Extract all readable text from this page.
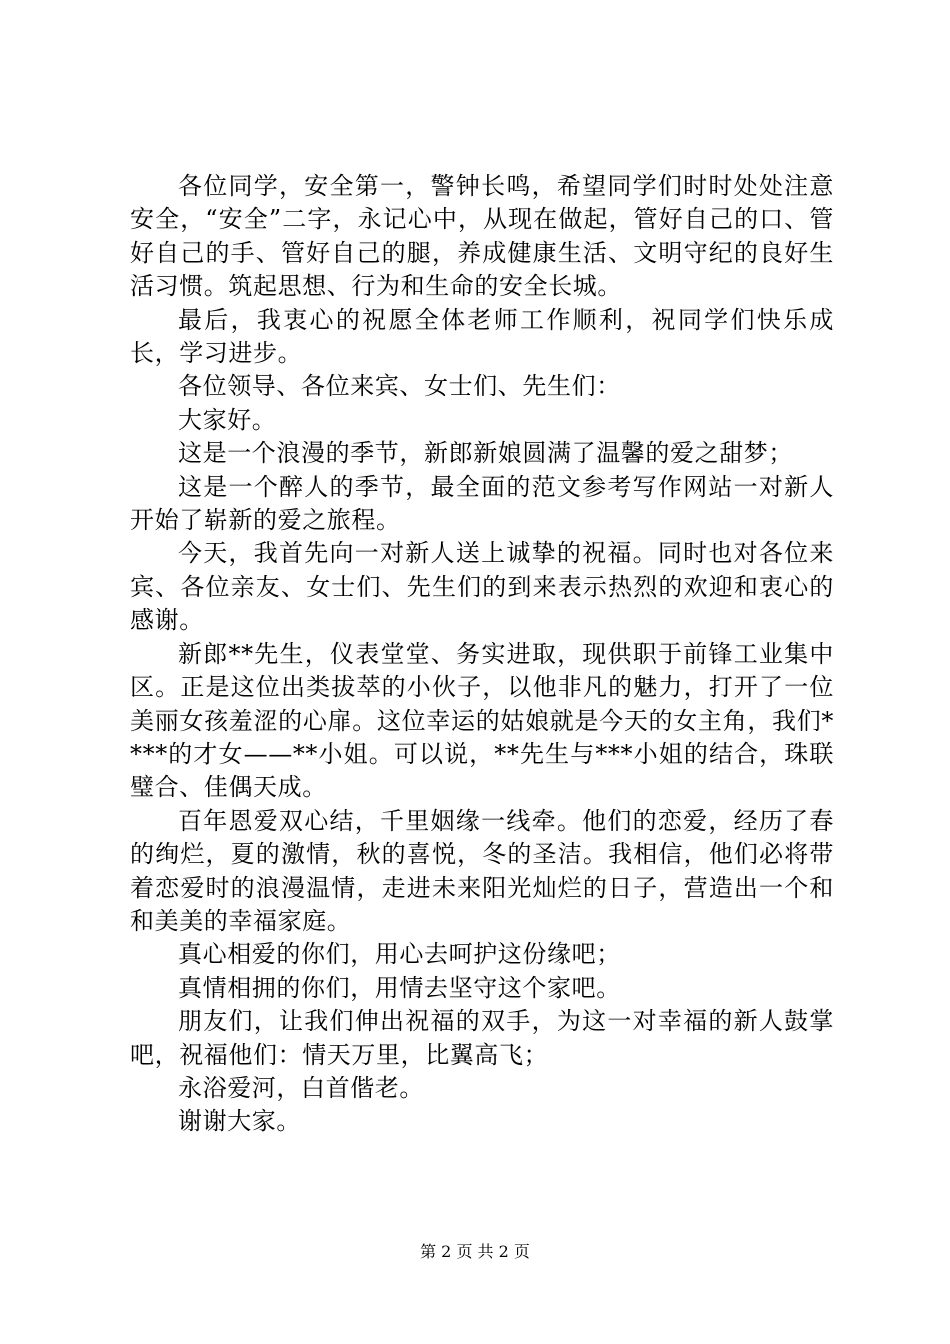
各位同学，安全第一，警钟长鸣，希望同学们时时处处注意安全，“安全”二字，永记心中，从现在做起，管好自己的口、管好自己的手、管好自己的腿，养成健康生活、文明守纪的良好生活习惯。筑起思想、行为和生命的安全长城。

最后，我衷心的祝愿全体老师工作顺利，祝同学们快乐成长，学习进步。

各位领导、各位来宾、女士们、先生们：

大家好。

这是一个浪漫的季节，新郎新娘圆满了温馨的爱之甜梦；

这是一个醉人的季节，最全面的范文参考写作网站一对新人开始了崭新的爱之旅程。

今天，我首先向一对新人送上诚挚的祝福。同时也对各位来宾、各位亲友、女士们、先生们的到来表示热烈的欢迎和衷心的感谢。

新郎**先生，仪表堂堂、务实进取，现供职于前锋工业集中区。正是这位出类拔萃的小伙子，以他非凡的魅力，打开了一位美丽女孩羞涩的心扉。这位幸运的姑娘就是今天的女主角，我们****的才女——**小姐。可以说，**先生与***小姐的结合，珠联璧合、佳偶天成。

百年恩爱双心结，千里姻缘一线牵。他们的恋爱，经历了春的绚烂，夏的激情，秋的喜悦，冬的圣洁。我相信，他们必将带着恋爱时的浪漫温情，走进未来阳光灿烂的日子，营造出一个和和美美的幸福家庭。

真心相爱的你们，用心去呵护这份缘吧；

真情相拥的你们，用情去坚守这个家吧。

朋友们，让我们伸出祝福的双手，为这一对幸福的新人鼓掌吧，祝福他们：情天万里，比翼高飞；

永浴爱河，白首偕老。

谢谢大家。

第 2 页 共 2 页
